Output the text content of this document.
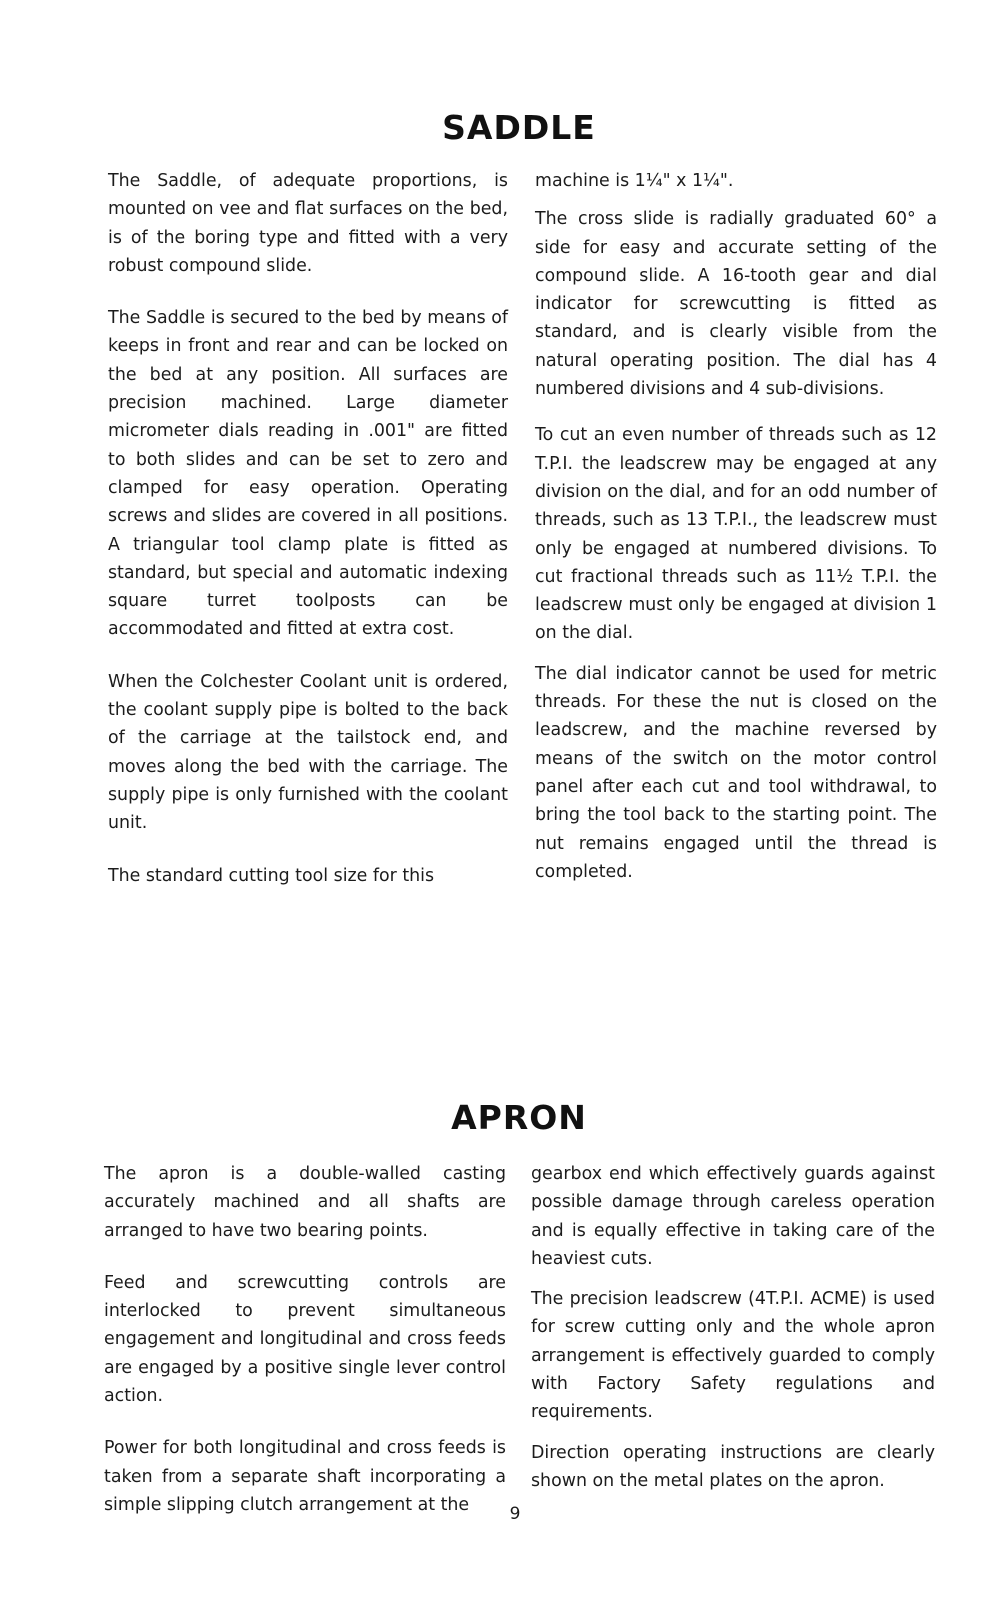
SADDLE

The Saddle, of adequate proportions, is mounted on vee and flat surfaces on the bed, is of the boring type and fitted with a very robust compound slide.

The Saddle is secured to the bed by means of keeps in front and rear and can be locked on the bed at any position. All surfaces are precision machined. Large diameter micrometer dials reading in .001" are fitted to both slides and can be set to zero and clamped for easy operation. Operating screws and slides are covered in all positions. A triangular tool clamp plate is fitted as standard, but special and automatic indexing square turret toolposts can be accommodated and fitted at extra cost.

When the Colchester Coolant unit is ordered, the coolant supply pipe is bolted to the back of the carriage at the tailstock end, and moves along the bed with the carriage. The supply pipe is only furnished with the coolant unit.

The standard cutting tool size for this

machine is 1¼" x 1¼".

The cross slide is radially graduated 60° a side for easy and accurate setting of the compound slide. A 16-tooth gear and dial indicator for screwcutting is fitted as standard, and is clearly visible from the natural operating position. The dial has 4 numbered divisions and 4 sub-divisions.

To cut an even number of threads such as 12 T.P.I. the leadscrew may be engaged at any division on the dial, and for an odd number of threads, such as 13 T.P.I., the leadscrew must only be engaged at numbered divisions. To cut fractional threads such as 11½ T.P.I. the leadscrew must only be engaged at division 1 on the dial.

The dial indicator cannot be used for metric threads. For these the nut is closed on the leadscrew, and the machine reversed by means of the switch on the motor control panel after each cut and tool withdrawal, to bring the tool back to the starting point. The nut remains engaged until the thread is completed.

APRON

The apron is a double-walled casting accurately machined and all shafts are arranged to have two bearing points.

Feed and screwcutting controls are interlocked to prevent simultaneous engagement and longitudinal and cross feeds are engaged by a positive single lever control action.

Power for both longitudinal and cross feeds is taken from a separate shaft incorporating a simple slipping clutch arrangement at the

gearbox end which effectively guards against possible damage through careless operation and is equally effective in taking care of the heaviest cuts.

The precision leadscrew (4T.P.I. ACME) is used for screw cutting only and the whole apron arrangement is effectively guarded to comply with Factory Safety regulations and requirements.

Direction operating instructions are clearly shown on the metal plates on the apron.

9
